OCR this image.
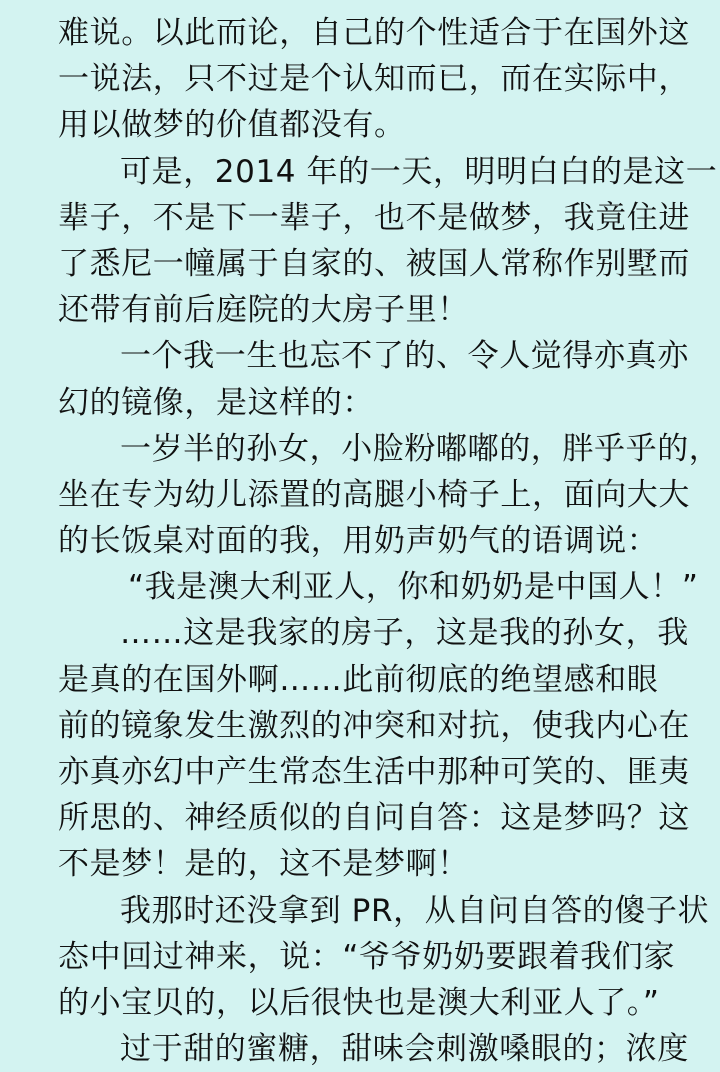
难说。以此而论，自己的个性适合于在国外这
一说法，只不过是个认知而已，而在实际中，
用以做梦的价值都没有。
可是，2014 年的一天，明明白白的是这一
辈子，不是下一辈子，也不是做梦，我竟住进
了悉尼一幢属于自家的、被国人常称作别墅而
还带有前后庭院的大房子里！
一个我一生也忘不了的、令人觉得亦真亦
幻的镜像，是这样的：
一岁半的孙女，小脸粉嘟嘟的，胖乎乎的，
坐在专为幼儿添置的高腿小椅子上，面向大大
的长饭桌对面的我，用奶声奶气的语调说：
“我是澳大利亚人，你和奶奶是中国人！”
……这是我家的房子，这是我的孙女，我
是真的在国外啊……此前彻底的绝望感和眼
前的镜象发生激烈的冲突和对抗，使我内心在
亦真亦幻中产生常态生活中那种可笑的、匪夷
所思的、神经质似的自问自答：这是梦吗？这
不是梦！是的，这不是梦啊！
我那时还没拿到 PR，从自问自答的傻子状
态中回过神来，说：“爷爷奶奶要跟着我们家
的小宝贝的，以后很快也是澳大利亚人了。”
过于甜的蜜糖，甜味会刺激嗓眼的；浓度
